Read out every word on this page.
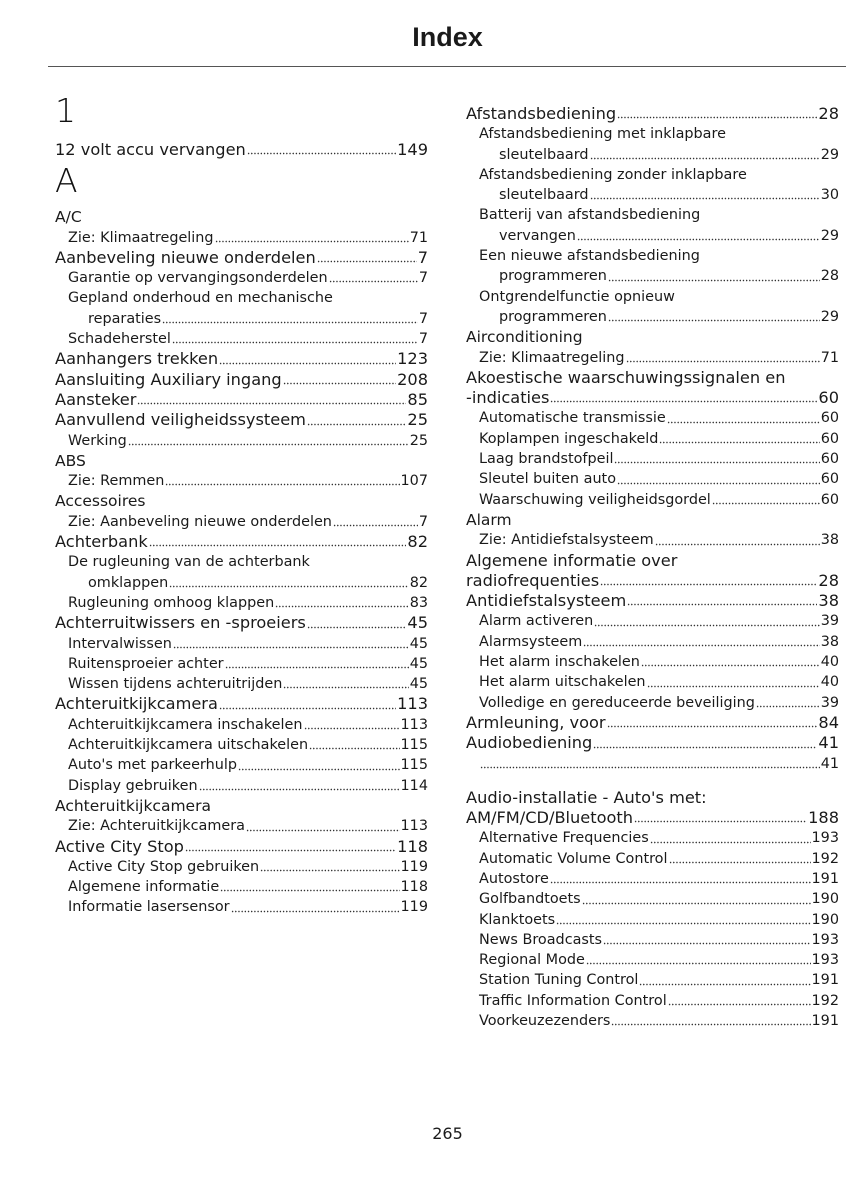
Index
1
12 volt accu vervangen	149
A
A/C
Zie: Klimaatregeling	71
Aanbeveling nieuwe onderdelen	7
Garantie op vervangingsonderdelen	7
Gepland onderhoud en mechanische
reparaties	7
Schadeherstel	7
Aanhangers trekken	123
Aansluiting Auxiliary ingang	208
Aansteker	85
Aanvullend veiligheidssysteem	25
Werking	25
ABS
Zie: Remmen	107
Accessoires
Zie: Aanbeveling nieuwe onderdelen	7
Achterbank	82
De rugleuning van de achterbank
omklappen	82
Rugleuning omhoog klappen	83
Achterruitwissers en -sproeiers	45
Intervalwissen	45
Ruitensproeier achter	45
Wissen tijdens achteruitrijden	45
Achteruitkijkcamera	113
Achteruitkijkcamera inschakelen	113
Achteruitkijkcamera uitschakelen	115
Auto's met parkeerhulp	115
Display gebruiken	114
Achteruitkijkcamera
Zie: Achteruitkijkcamera	113
Active City Stop	118
Active City Stop gebruiken	119
Algemene informatie	118
Informatie lasersensor	119
Afstandsbediening	28
Afstandsbediening met inklapbare
sleutelbaard	29
Afstandsbediening zonder inklapbare
sleutelbaard	30
Batterij van afstandsbediening
vervangen	29
Een nieuwe afstandsbediening
programmeren	28
Ontgrendelfunctie opnieuw
programmeren	29
Airconditioning
Zie: Klimaatregeling	71
Akoestische waarschuwingssignalen en
-indicaties	60
Automatische transmissie	60
Koplampen ingeschakeld	60
Laag brandstofpeil	60
Sleutel buiten auto	60
Waarschuwing veiligheidsgordel	60
Alarm
Zie: Antidiefstalsysteem	38
Algemene informatie over
radiofrequenties	28
Antidiefstalsysteem	38
Alarm activeren	39
Alarmsysteem	38
Het alarm inschakelen	40
Het alarm uitschakelen	40
Volledige en gereduceerde beveiliging	39
Armleuning, voor	84
Audiobediening	41
41
Audio-installatie - Auto's met:
AM/FM/CD/Bluetooth	188
Alternative Frequencies	193
Automatic Volume Control	192
Autostore	191
Golfbandtoets	190
Klanktoets	190
News Broadcasts	193
Regional Mode	193
Station Tuning Control	191
Traffic Information Control	192
Voorkeuzezenders	191
265
